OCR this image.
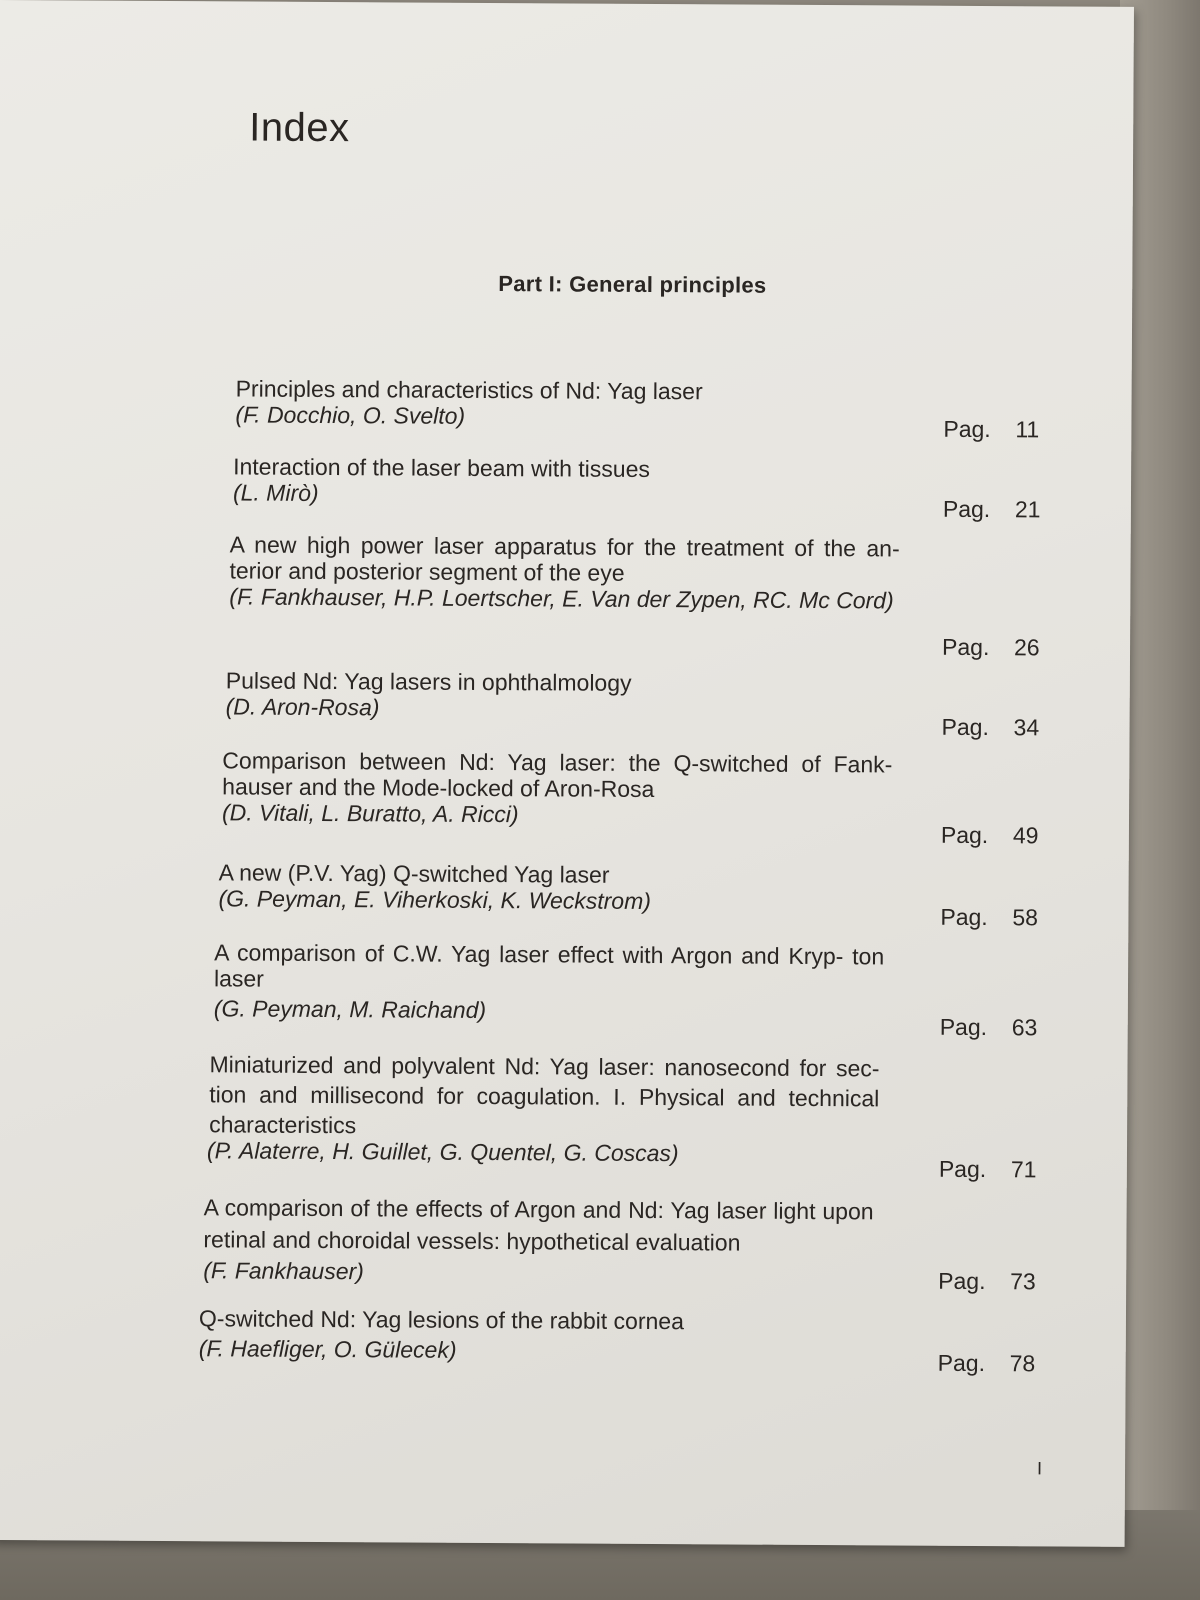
Index
Part I: General principles
Principles and characteristics of Nd: Yag laser
(F. Docchio, O. Svelto)
Pag. 11
Interaction of the laser beam with tissues
(L. Mirò)
Pag. 21
A new high power laser apparatus for the treatment of the an- terior and posterior segment of the eye
(F. Fankhauser, H.P. Loertscher, E. Van der Zypen, RC. Mc Cord)
Pag. 26
Pulsed Nd: Yag lasers in ophthalmology
(D. Aron-Rosa)
Pag. 34
Comparison between Nd: Yag laser: the Q-switched of Fank- hauser and the Mode-locked of Aron-Rosa
(D. Vitali, L. Buratto, A. Ricci)
Pag. 49
A new (P.V. Yag) Q-switched Yag laser
(G. Peyman, E. Viherkoski, K. Weckstrom)
Pag. 58
A comparison of C.W. Yag laser effect with Argon and Kryp- ton laser
(G. Peyman, M. Raichand)
Pag. 63
Miniaturized and polyvalent Nd: Yag laser: nanosecond for sec- tion and millisecond for coagulation. I. Physical and technical characteristics
(P. Alaterre, H. Guillet, G. Quentel, G. Coscas)
Pag. 71
A comparison of the effects of Argon and Nd: Yag laser light upon retinal and choroidal vessels: hypothetical evaluation
(F. Fankhauser)	Pag. 73
Q-switched Nd: Yag lesions of the rabbit cornea
(F. Haefliger, O. Gülecek)
Pag. 78
I
